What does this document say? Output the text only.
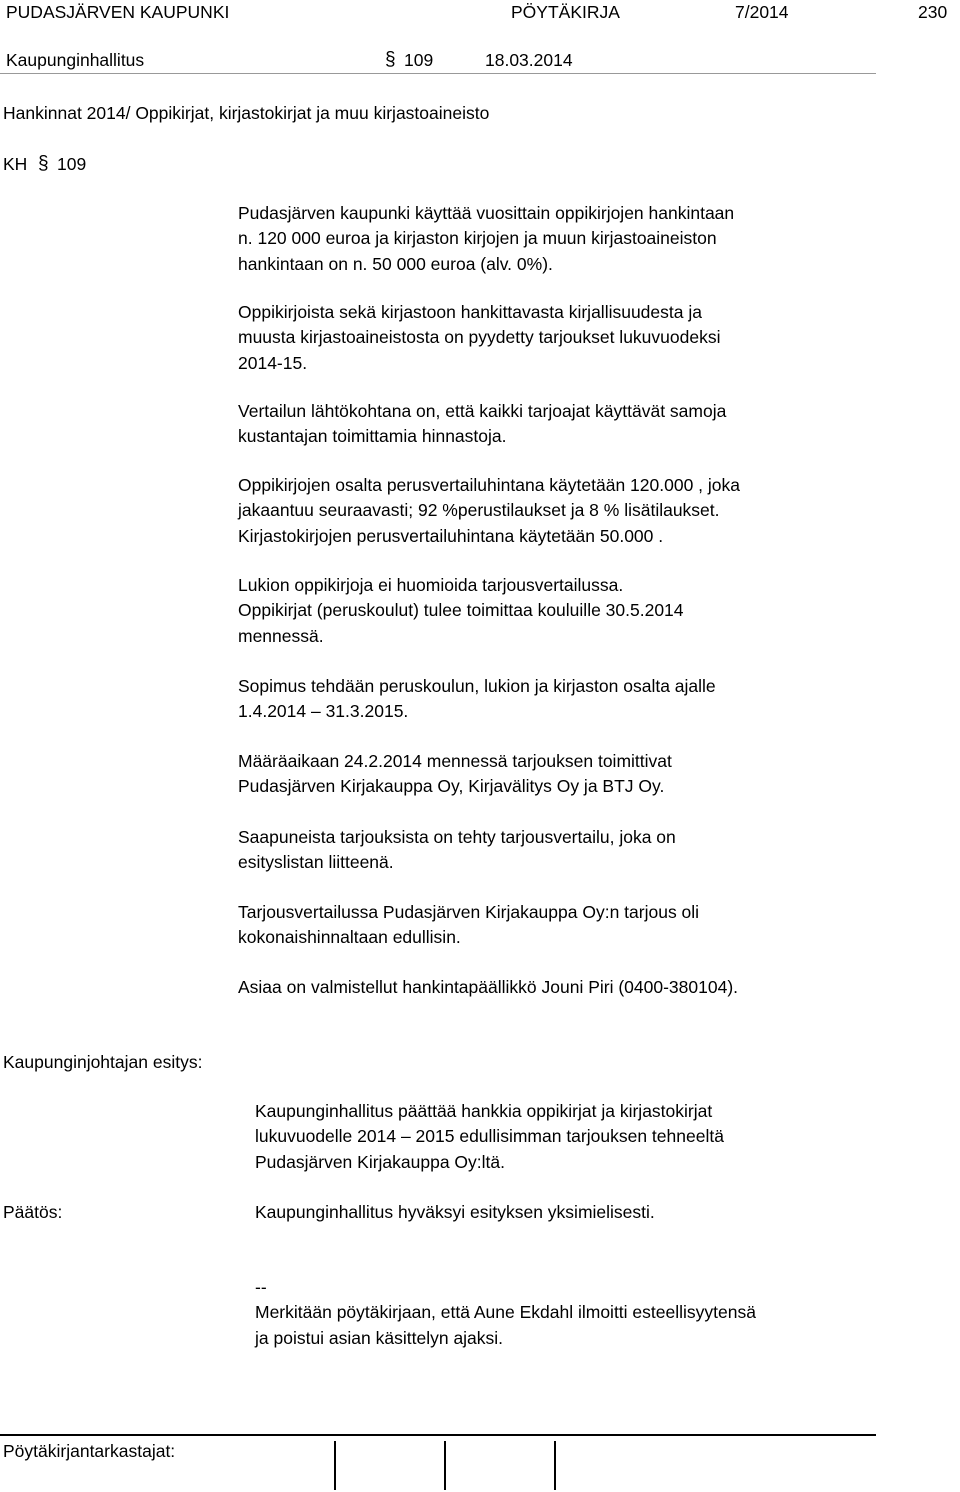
PUDASJÄRVEN KAUPUNKI	PÖYTÄKIRJA	7/2014	230
Kaupunginhallitus	§ 109	18.03.2014
Hankinnat 2014/ Oppikirjat, kirjastokirjat ja muu kirjastoaineisto
KH § 109
Pudasjärven kaupunki käyttää vuosittain oppikirjojen hankintaan
n. 120 000 euroa ja kirjaston kirjojen ja muun kirjastoaineiston
hankintaan on n. 50 000 euroa (alv. 0%).
Oppikirjoista sekä kirjastoon hankittavasta kirjallisuudesta ja
muusta kirjastoaineistosta on pyydetty tarjoukset lukuvuodeksi
2014-15.
Vertailun lähtökohtana on, että kaikki tarjoajat käyttävät samoja
kustantajan toimittamia hinnastoja.
Oppikirjojen osalta perusvertailuhintana käytetään 120.000 , joka
jakaantuu seuraavasti; 92 %perustilaukset ja 8 % lisätilaukset.
Kirjastokirjojen perusvertailuhintana käytetään 50.000 .
Lukion oppikirjoja ei huomioida tarjousvertailussa.
Oppikirjat (peruskoulut) tulee toimittaa kouluille 30.5.2014
mennessä.
Sopimus tehdään peruskoulun, lukion ja kirjaston osalta ajalle
1.4.2014 – 31.3.2015.
Määräaikaan 24.2.2014 mennessä tarjouksen toimittivat
Pudasjärven Kirjakauppa Oy, Kirjavälitys Oy ja BTJ Oy.
Saapuneista tarjouksista on tehty tarjousvertailu, joka on
esityslistan liitteenä.
Tarjousvertailussa Pudasjärven Kirjakauppa Oy:n tarjous oli
kokonaishinnaltaan edullisin.
Asiaa on valmistellut hankintapäällikkö Jouni Piri (0400-380104).
Kaupunginjohtajan esitys:
Kaupunginhallitus päättää hankkia oppikirjat ja kirjastokirjat
lukuvuodelle 2014 – 2015 edullisimman tarjouksen tehneeltä
Pudasjärven Kirjakauppa Oy:ltä.
Päätös:	Kaupunginhallitus hyväksyi esityksen yksimielisesti.
--
Merkitään pöytäkirjaan, että Aune Ekdahl ilmoitti esteellisyytensä
ja poistui asian käsittelyn ajaksi.
Pöytäkirjantarkastajat:
